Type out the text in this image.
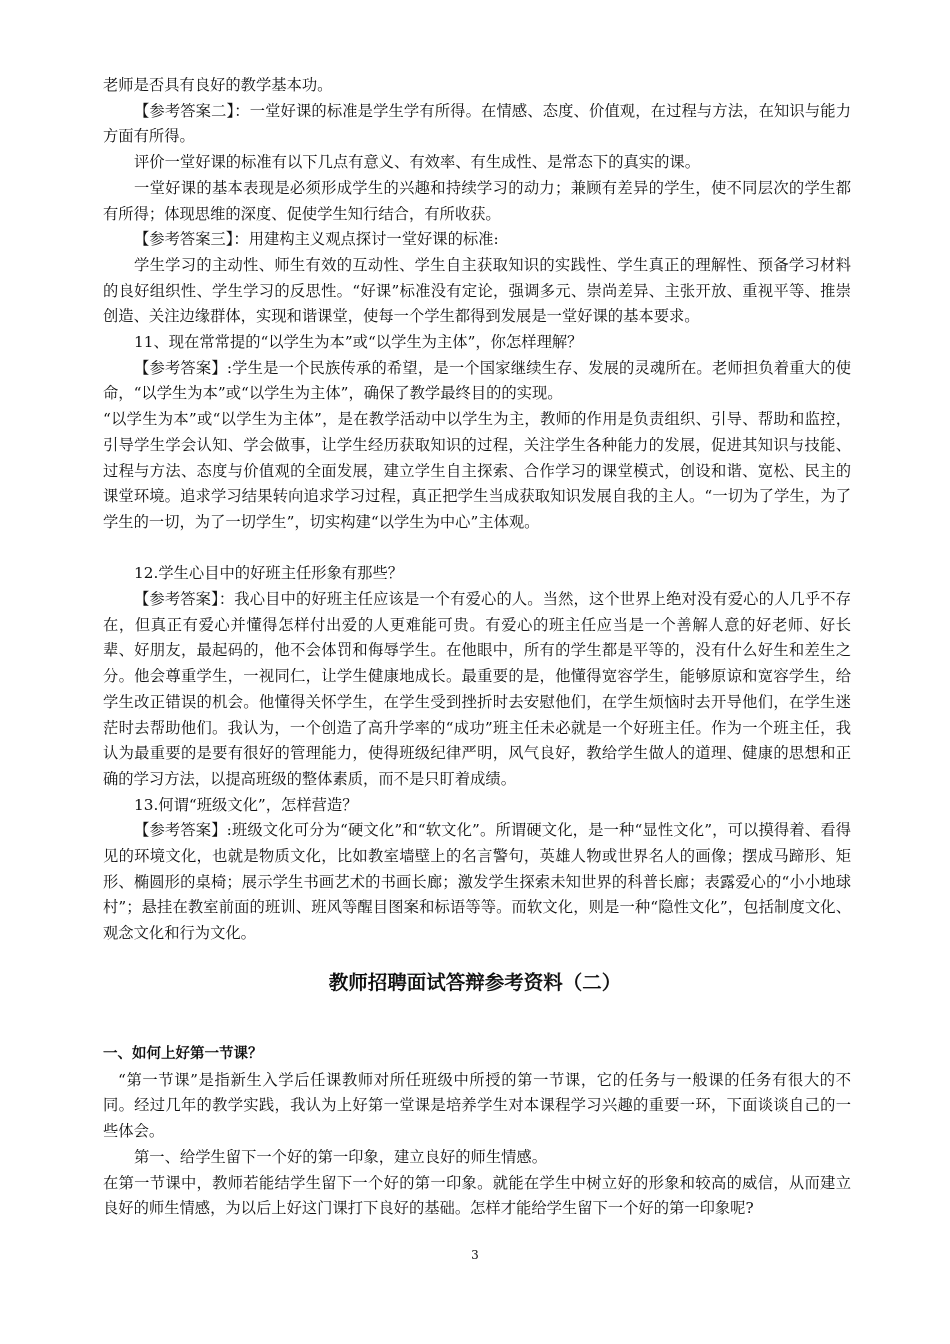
老师是否具有良好的教学基本功。

【参考答案二】：一堂好课的标准是学生学有所得。在情感、态度、价值观，在过程与方法，在知识与能力方面有所得。

评价一堂好课的标准有以下几点有意义、有效率、有生成性、是常态下的真实的课。

一堂好课的基本表现是必须形成学生的兴趣和持续学习的动力；兼顾有差异的学生，使不同层次的学生都有所得；体现思维的深度、促使学生知行结合，有所收获。

【参考答案三】：用建构主义观点探讨一堂好课的标准:

学生学习的主动性、师生有效的互动性、学生自主获取知识的实践性、学生真正的理解性、预备学习材料的良好组织性、学生学习的反思性。“好课”标准没有定论，强调多元、崇尚差异、主张开放、重视平等、推崇创造、关注边缘群体，实现和谐课堂，使每一个学生都得到发展是一堂好课的基本要求。

11、现在常常提的“以学生为本”或“以学生为主体”，你怎样理解？

【参考答案】:学生是一个民族传承的希望，是一个国家继续生存、发展的灵魂所在。老师担负着重大的使命，“以学生为本”或“以学生为主体”，确保了教学最终目的的实现。

“以学生为本”或“以学生为主体”，是在教学活动中以学生为主，教师的作用是负责组织、引导、帮助和监控，引导学生学会认知、学会做事，让学生经历获取知识的过程，关注学生各种能力的发展，促进其知识与技能、过程与方法、态度与价值观的全面发展，建立学生自主探索、合作学习的课堂模式，创设和谐、宽松、民主的课堂环境。追求学习结果转向追求学习过程，真正把学生当成获取知识发展自我的主人。“一切为了学生，为了学生的一切，为了一切学生”，切实构建“以学生为中心”主体观。

12.学生心目中的好班主任形象有那些？

【参考答案】：我心目中的好班主任应该是一个有爱心的人。当然，这个世界上绝对没有爱心的人几乎不存在，但真正有爱心并懂得怎样付出爱的人更难能可贵。有爱心的班主任应当是一个善解人意的好老师、好长辈、好朋友，最起码的，他不会体罚和侮辱学生。在他眼中，所有的学生都是平等的，没有什么好生和差生之分。他会尊重学生，一视同仁，让学生健康地成长。最重要的是，他懂得宽容学生，能够原谅和宽容学生，给学生改正错误的机会。他懂得关怀学生，在学生受到挫折时去安慰他们，在学生烦恼时去开导他们，在学生迷茫时去帮助他们。我认为，一个创造了高升学率的“成功”班主任未必就是一个好班主任。作为一个班主任，我认为最重要的是要有很好的管理能力，使得班级纪律严明，风气良好，教给学生做人的道理、健康的思想和正确的学习方法，以提高班级的整体素质，而不是只盯着成绩。

13.何谓“班级文化”，怎样营造？

【参考答案】:班级文化可分为“硬文化”和“软文化”。所谓硬文化，是一种“显性文化”，可以摸得着、看得见的环境文化，也就是物质文化，比如教室墙壁上的名言警句，英雄人物或世界名人的画像；摆成马蹄形、矩形、椭圆形的桌椅；展示学生书画艺术的书画长廊；激发学生探索未知世界的科普长廊；表露爱心的“小小地球村”；悬挂在教室前面的班训、班风等醒目图案和标语等等。而软文化，则是一种“隐性文化”，包括制度文化、观念文化和行为文化。

教师招聘面试答辩参考资料（二）

一、如何上好第一节课？

“第一节课”是指新生入学后任课教师对所任班级中所授的第一节课，它的任务与一般课的任务有很大的不同。经过几年的教学实践，我认为上好第一堂课是培养学生对本课程学习兴趣的重要一环，下面谈谈自己的一些体会。

第一、给学生留下一个好的第一印象，建立良好的师生情感。

在第一节课中，教师若能结学生留下一个好的第一印象。就能在学生中树立好的形象和较高的威信，从而建立良好的师生情感，为以后上好这门课打下良好的基础。怎样才能给学生留下一个好的第一印象呢?

3
